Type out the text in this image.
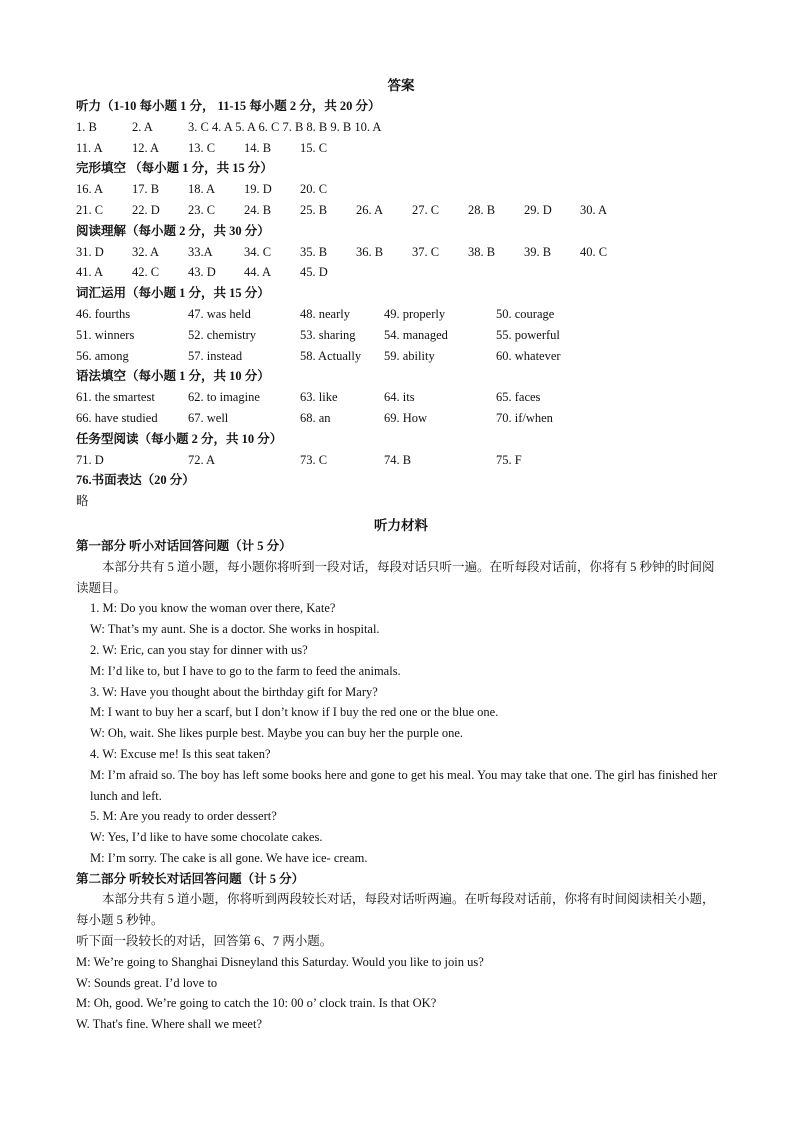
答案
听力（1-10 每小题 1 分， 11-15 每小题 2 分，共 20 分）
1. B	2. A	3. C 4. A 5. A 6. C 7. B 8. B 9. B 10. A
11. A 12. A 13. C 14. B 15. C
完形填空 （每小题 1 分，共 15 分）
16. A 17. B 18. A 19. D 20. C
21. C 22. D 23. C 24. B 25. B 26. A 27. C 28. B 29. D 30. A
阅读理解（每小题 2 分，共 30 分）
31. D 32. A 33.A	34. C 35. B 36. B 37. C 38. B 39. B 40. C
41. A 42. C 43. D 44. A 45. D
词汇运用（每小题 1 分，共 15 分）
46. fourths	47. was held	48. nearly	49. properly	50. courage
51. winners	52. chemistry	53. sharing 54. managed	55. powerful
56. among	57. instead	58. Actually 59. ability	60. whatever
语法填空（每小题 1 分，共 10 分）
61. the smartest	62. to imagine	63. like	64. its	65. faces
66. have studied 67. well	68. an	69. How	70. if/when
任务型阅读（每小题 2 分，共 10 分）
71. D	72. A	73. C	74. B	75. F
76.书面表达（20 分）
略
听力材料
第一部分 听小对话回答问题（计 5 分）
本部分共有 5 道小题，每小题你将听到一段对话，每段对话只听一遍。在听每段对话前，你将有 5 秒钟的时间阅读题目。
1. M: Do you know the woman over there, Kate?
W: That’s my aunt. She is a doctor. She works in hospital.
2. W: Eric, can you stay for dinner with us?
M: I’d like to, but I have to go to the farm to feed the animals.
3. W: Have you thought about the birthday gift for Mary?
M: I want to buy her a scarf, but I don’t know if I buy the red one or the blue one.
W: Oh, wait. She likes purple best. Maybe you can buy her the purple one.
4. W: Excuse me! Is this seat taken?
M: I’m afraid so. The boy has left some books here and gone to get his meal. You may take that one. The girl has finished her lunch and left.
5. M: Are you ready to order dessert?
W: Yes, I’d like to have some chocolate cakes.
M: I’m sorry. The cake is all gone. We have ice- cream.
第二部分 听较长对话回答问题（计 5 分）
本部分共有 5 道小题，你将听到两段较长对话，每段对话听两遍。在听每段对话前，你将有时间阅读相关小题，每小题 5 秒钟。
听下面一段较长的对话，回答第 6、7 两小题。
M: We’re going to Shanghai Disneyland this Saturday. Would you like to join us?
W: Sounds great. I’d love to
M: Oh, good. We’re going to catch the 10: 00 o’ clock train. Is that OK?
W. That's fine. Where shall we meet?
